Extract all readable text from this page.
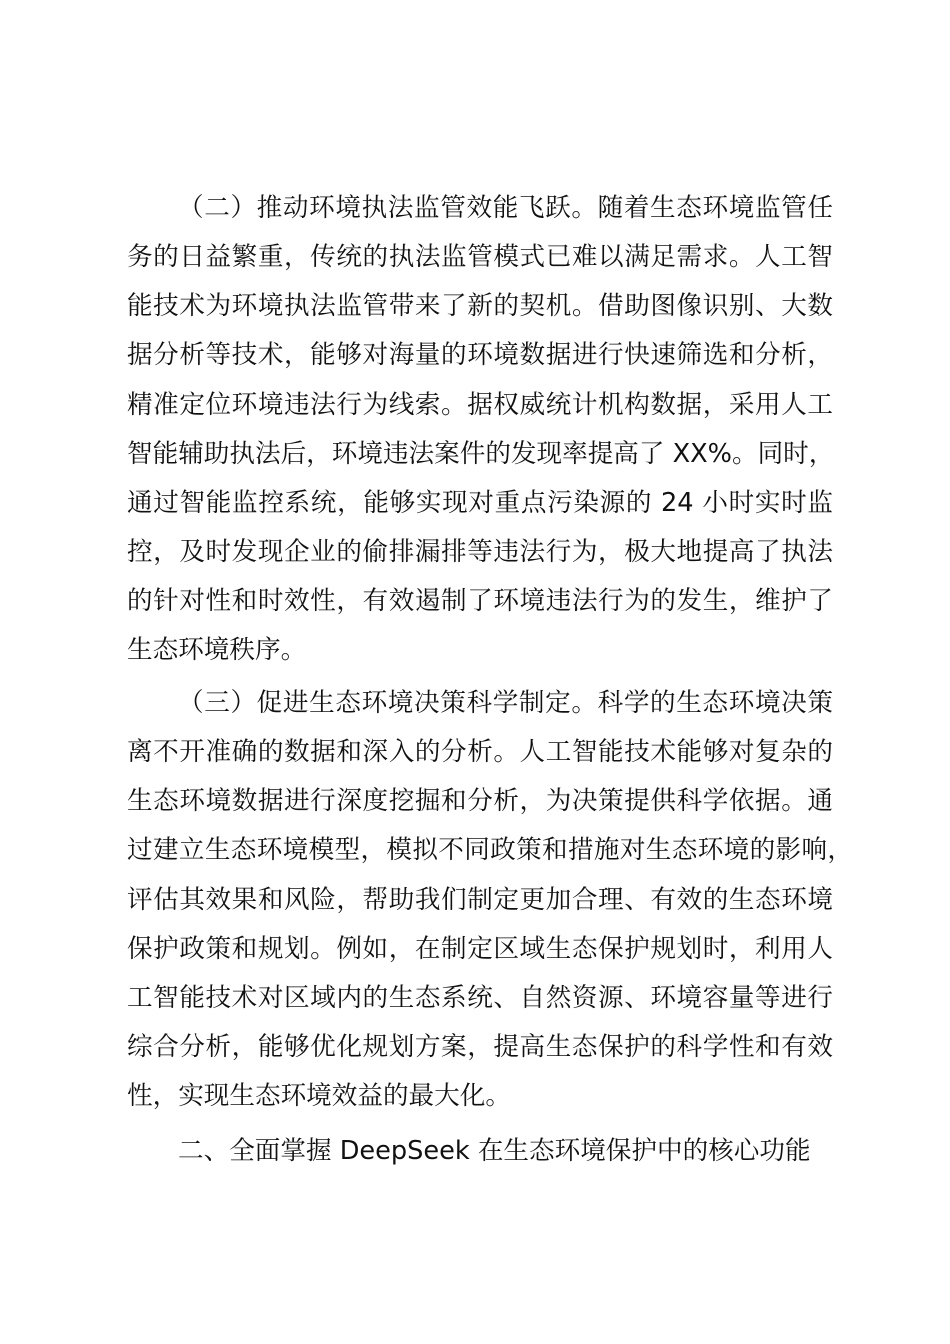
（二）推动环境执法监管效能飞跃。随着生态环境监管任
务的日益繁重，传统的执法监管模式已难以满足需求。人工智
能技术为环境执法监管带来了新的契机。借助图像识别、大数
据分析等技术，能够对海量的环境数据进行快速筛选和分析，
精准定位环境违法行为线索。据权威统计机构数据，采用人工
智能辅助执法后，环境违法案件的发现率提高了 XX%。同时，
通过智能监控系统，能够实现对重点污染源的 24 小时实时监
控，及时发现企业的偷排漏排等违法行为，极大地提高了执法
的针对性和时效性，有效遏制了环境违法行为的发生，维护了
生态环境秩序。
（三）促进生态环境决策科学制定。科学的生态环境决策
离不开准确的数据和深入的分析。人工智能技术能够对复杂的
生态环境数据进行深度挖掘和分析，为决策提供科学依据。通
过建立生态环境模型，模拟不同政策和措施对生态环境的影响，
评估其效果和风险，帮助我们制定更加合理、有效的生态环境
保护政策和规划。例如，在制定区域生态保护规划时，利用人
工智能技术对区域内的生态系统、自然资源、环境容量等进行
综合分析，能够优化规划方案，提高生态保护的科学性和有效
性，实现生态环境效益的最大化。
二、全面掌握 DeepSeek 在生态环境保护中的核心功能
